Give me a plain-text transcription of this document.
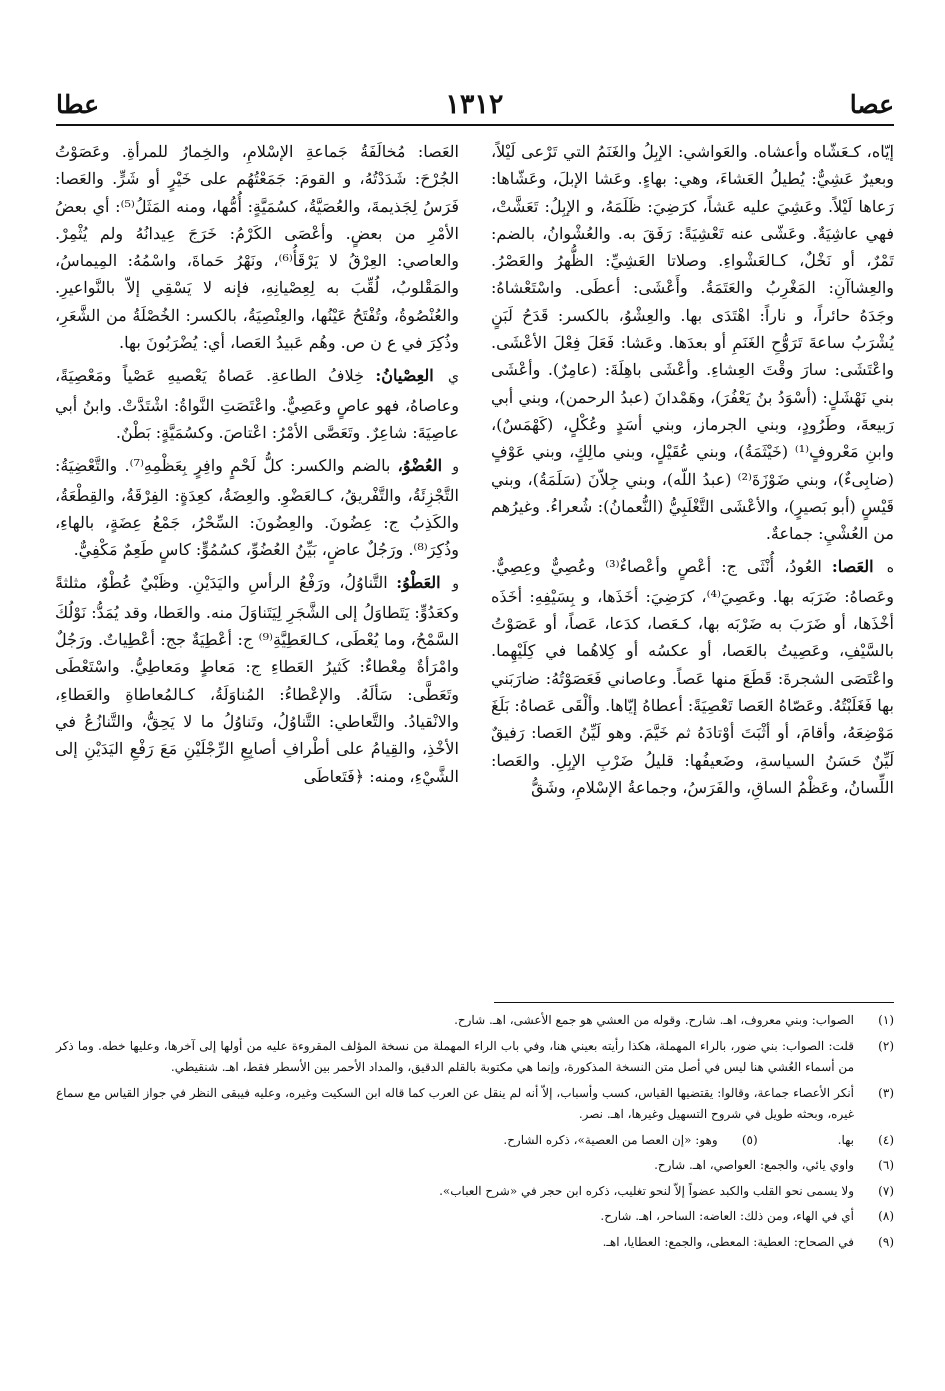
عصا
١٣١٢
عطا

إيّاه، كـعَشّاه وأعشاه. والعَواشي: الإبِلُ والغَنَمُ التي تَرْعى لَيْلاً، وبعيرٌ عَشِيٌّ: يُطيلُ العَشاءَ، وهي: بهاءٍ. وعَشا الإبلَ، وعَشّاها: رَعاها لَيْلاً. وعَشِيَ عليه عَشاً، كرَضِيَ: ظَلَمَهُ، و الإبِلُ: تَعَشَّتْ، فهي عاشِيَةٌ. وعَشّى عنه تَعْشِيَةً: رَفَقَ به. والعُشْوانُ، بالضم: تَمْرٌ، أو نَخْلٌ، كـالعَشْواءِ. وصلاتا العَشِيِّ: الظُّهرُ والعَصْرُ. والعِشاآنِ: المَغْرِبُ والعَتَمَةُ. وأَعْشَى: أعطَى. واسْتَعْشاهُ: وجَدَهُ حائراً، و ناراً: اهْتَدَى بها. والعِشْوُ، بالكسر: قَدَحُ لَبَنٍ يُشْرَبُ ساعةَ تَرَوُّحِ الغَنَمِ أو بعدَها. وعَشا: فَعَلَ فِعْلَ الأعْشَى. واعْتَشَى: سارَ وقْتَ العِشاءِ. وأعْشَى باهِلَةَ: (عامِرٌ). وأعْشَى بني نَهْشَلٍ: (أسْوَدُ بنُ يَعْفُرَ)، وهَمْدانَ (عبدُ الرحمن)، وبني أبي رَبيعةَ، وطَرُودٍ، وبني الجرماز، وبني أسَدٍ وعُكْلٍ، (كَهْمَسٌ)، وابنِ مَعْروفٍ⁽¹⁾ (خَيْثَمَةُ)، وبني عُقَيْلٍ، وبني مالِكٍ، وبني عَوْفٍ (ضابِىءٌ)، وبني ضَوْزَةَ⁽²⁾ (عبدُ اللّه)، وبني جِلاّنَ (سَلَمَةُ)، وبني قَيْسٍ (أبو بَصيرٍ)، والأعْشَى التَّغْلَبِيُّ (النُّعمانُ): شُعراءُ. وغيرُهم من العُشْيِ: جماعةٌ.

ه العَصا: العُودُ، أُنْثَى ج: أعْصٍ وأعْصاءٌ⁽³⁾ وعُصِيٌّ وعِصِيٌّ. وعَصاهُ: ضَرَبَه بها. وعَصِيَ⁽⁴⁾، كرَضِيَ: أخَذَها، و بِسَيْفِهِ: أخَذَه أخْذَها، أو ضَرَبَ به ضَرْبَه بها، كـعَصا، كدَعا، عَصاً، أو عَصَوْتُ بالسَّيْفِ، وعَصِيتُ بالعَصا، أو عكسُه أو كِلاهُما في كِلَيْهِما. واعْتَصَى الشجرةَ: قَطَعَ منها عَصاً. وعاصاني فَعَصَوْتُهُ: ضارَبَني بها فَغَلَبْتُهُ. وعَصّاهُ العَصا تَعْصِيَةً: أعطاهُ إيّاها. وألْقَى عَصاهُ: بَلَغَ مَوْضِعَهُ، وأقامَ، أو أثْبَتَ أوْتادَهُ ثم خَيَّمَ. وهو لَيِّنُ العَصا: رَفيقٌ لَيِّنٌ حَسَنُ السياسةِ، وضَعيفُها: قليلُ ضَرْبِ الإبِلِ. والعَصا: اللِّسانُ، وعَظْمُ الساقِ، والفَرَسُ، وجماعةُ الإسْلامِ، وشَقُّ

العَصا: مُخالَفَةُ جَماعةِ الإسْلامِ، والخِمارُ للمرأةِ. وعَصَوْتُ الجُرْحَ: شَدَدْتُهُ، و القومَ: جَمَعْتُهُم على خَيْرٍ أو شَرٍّ. والعَصا: فَرَسُ لِجَذيمةَ، والعُصَيَّةُ، كسُمَيَّةٍ: أُمُّها، ومنه المَثَلُ⁽⁵⁾: أي بعضُ الأمْرِ من بعضٍ. وأعْصَى الكَرْمُ: خَرَجَ عِيدانُهُ ولم يُثْمِرْ. والعاصي: العِرْقُ لا يَرْقَأُ⁽⁶⁾، ونَهْرُ حَماةَ، واسْمُهُ: المِيماسُ، والمَقْلوبُ، لُقِّبَ به لِعِصْيانِهِ، فإنه لا يَسْقِي إلاّ بالنَّواعيرِ. والعُنْصُوةُ، وتُفْتَحُ عَيْنُها، والعِنْصِيَةُ، بالكسر: الخُصْلَةُ من الشَّعَرِ، وذُكِرَ في ع ن ص. وهُم عَبيدُ العَصا، أي: يُضْرَبُونَ بها.

ي العِصْيانُ: خِلافُ الطاعةِ. عَصاهُ يَعْصيهِ عَصْياً ومَعْصِيَةً، وعاصاهُ، فهو عاصٍ وعَصِيٌّ. واعْتَصَتِ النَّواةُ: اشْتَدَّتْ. وابنُ أبي عاصِيَةَ: شاعِرٌ. وتَعَصَّى الأمْرُ: اعْتاصَ. وكسُمَيَّةٍ: بَطْنٌ.

و العُضْوُ، بالضم والكسر: كلُّ لَحْمٍ وافِرٍ بِعَظْمِهِ⁽⁷⁾. والتَّعْضِيَةُ: التَّجْزِئَةُ، والتَّفْريقُ، كـالعَضْوِ. والعِضَةُ، كعِدَةٍ: الفِرْقَةُ، والقِطْعَةُ، والكَذِبُ ج: عِضُونَ. والعِضُونَ: السِّحْرُ، جَمْعُ عِضَةٍ، بالهاءِ، وذُكِرَ⁽⁸⁾. ورَجُلٌ عاضٍ، بَيِّنُ العُضُوِّ، كسُمُوٍّ: كاسٍ طَعِمٌ مَكْفِيٌّ.

و العَطْوُ: التَّناوُلُ، ورَفْعُ الرأسِ واليَدَيْنِ. وظَبْيٌ عُطْوٌ، مثلثةً وكعَدُوٍّ: يَتَطاوَلُ إلى الشَّجَرِ لِيَتَناوَلَ منه. والعَطا، وقد يُمَدُّ: نَوْلُكَ السَّمْحُ، وما يُعْطَى، كـالعَطِيَّةِ⁽⁹⁾ ج: أعْطِيَةٌ جج: أعْطِياتٌ. ورَجُلٌ وامْرَأةٌ مِعْطاءٌ: كَثيرُ العَطاءِ ج: مَعاطٍ ومَعاطِيُّ. واسْتَعْطَى وتَعَطَّى: سَألَهُ. والإعْطاءُ: المُناوَلَةُ، كـالمُعاطاةِ والعَطاءِ، والانْقيادُ. والتَّعاطي: التَّناوُلُ، وتَناوُلُ ما لا يَحِقُّ، والتَّنازُعُ في الأخْذِ، والقِيامُ على أطْرافِ أصابِعِ الرِّجْلَيْنِ مَعَ رَفْعِ اليَدَيْنِ إلى الشَّيْءِ، ومنه: ﴿فَتَعاطَى

(١)
الصواب: وبني معروف، اهـ. شارح. وقوله من العشي هو جمع الأعشى، اهـ. شارح.
(٢)
قلت: الصواب: بني ضور، بالراء المهملة، هكذا رأيته بعيني هنا، وفي باب الراء المهملة من نسخة المؤلف المقروءة عليه من أولها إلى آخرها، وعليها خطه. وما ذكر من أسماء العُشي هنا ليس في أصل متن النسخة المذكورة، وإنما هي مكتوبة بالقلم الدقيق، والمداد الأحمر بين الأسطر فقط، اهـ. شنقيطي.
(٣)
أنكر الأعصاء جماعة، وقالوا: يقتضيها القياس، كسب وأسباب، إلاّ أنه لم ينقل عن العرب كما قاله ابن السكيت وغيره، وعليه فيبقى النظر في جواز القياس مع سماع غيره، وبحثه طويل في شروح التسهيل وغيرها، اهـ. نصر.
(٤)
بها.
(٥)
وهو: «إن العصا من العصية»، ذكره الشارح.
(٦)
واوي يائي، والجمع: العواصي، اهـ. شارح.
(٧)
ولا يسمى نحو القلب والكبد عضواً إلاّ لنحو تغليب، ذكره ابن حجر في «شرح العباب».
(٨)
أي في الهاء، ومن ذلك: العاضه: الساحر، اهـ. شارح.
(٩)
في الصحاح: العطية: المعطى، والجمع: العطايا، اهـ.
